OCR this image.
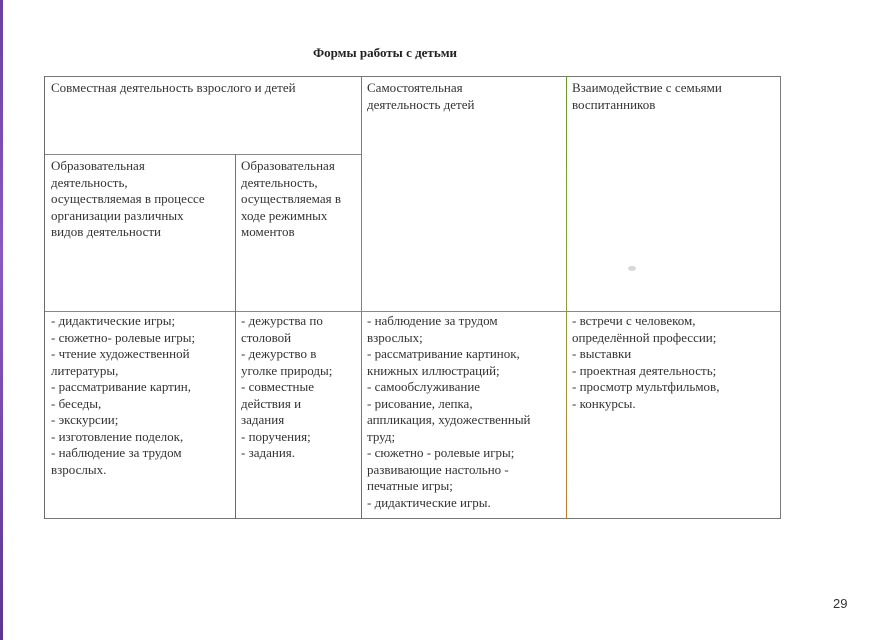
Формы работы с детьми
Совместная деятельность взрослого и детей	Самостоятельная
деятельность детей
Взаимодействие с семьями
воспитанников
Образовательная
деятельность,
осуществляемая в процессе
организации различных
видов деятельности
Образовательная
деятельность,
осуществляемая в
ходе режимных
моментов
- дидактические игры;
- сюжетно- ролевые игры;
- чтение художественной
литературы,
- рассматривание картин,
- беседы,
- экскурсии;
- изготовление поделок,
- наблюдение за трудом
взрослых.
- дежурства по
столовой
- дежурство в
уголке природы;
- совместные
действия и
задания
- поручения;
- задания.
- наблюдение за трудом
взрослых;
- рассматривание картинок,
книжных иллюстраций;
- самообслуживание
- рисование, лепка,
аппликация, художественный
труд;
- сюжетно - ролевые игры;
развивающие настольно -
печатные игры;
- дидактические игры.
- встречи с человеком,
определённой профессии;
- выставки
- проектная деятельность;
- просмотр мультфильмов,
- конкурсы.
29
